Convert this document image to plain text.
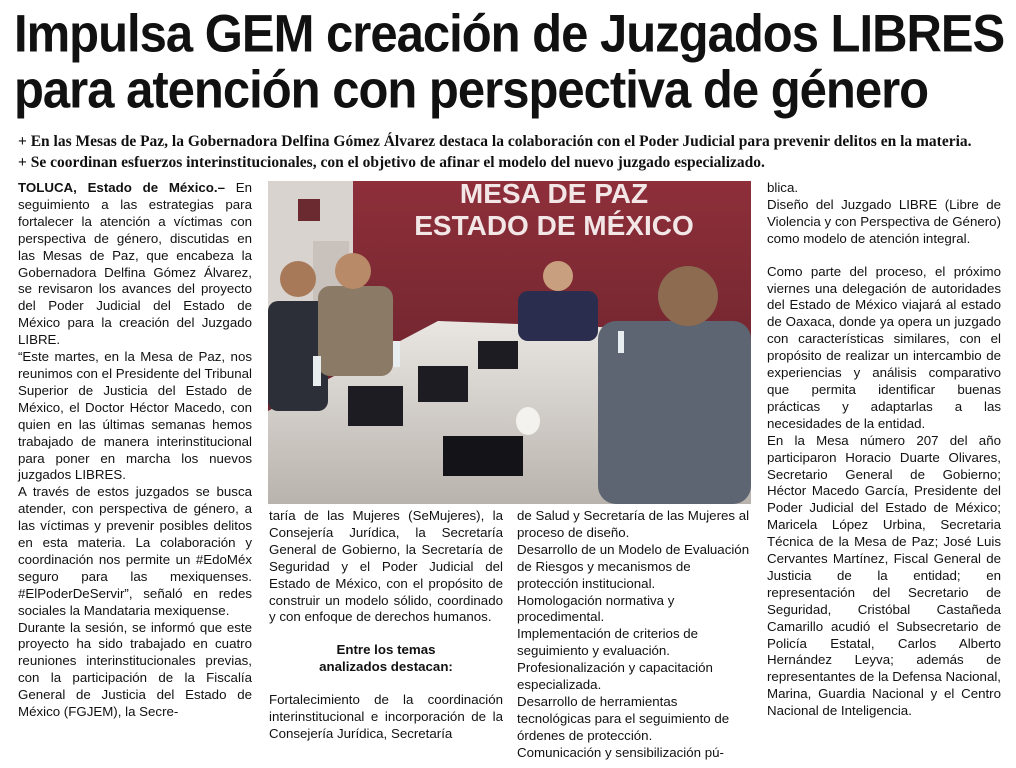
Impulsa GEM creación de Juzgados LIBRES
para atención con perspectiva de género
+ En las Mesas de Paz, la Gobernadora Delfina Gómez Álvarez destaca la colaboración con el Poder Judicial para prevenir delitos en la materia.
+ Se coordinan esfuerzos interinstitucionales, con el objetivo de afinar el modelo del nuevo juzgado especializado.

TOLUCA, Estado de México.– En seguimiento a las estrategias para fortalecer la atención a víctimas con perspectiva de género, discutidas en las Mesas de Paz, que encabeza la Gobernadora Delfina Gómez Álvarez, se revisaron los avances del proyecto del Poder Judicial del Estado de México para la creación del Juzgado LIBRE.

“Este martes, en la Mesa de Paz, nos reunimos con el Presidente del Tribunal Superior de Justicia del Estado de México, el Doctor Héctor Macedo, con quien en las últimas semanas hemos trabajado de manera interinstitucional para poner en marcha los nuevos juzgados LIBRES.

A través de estos juzgados se busca atender, con perspectiva de género, a las víctimas y prevenir posibles delitos en esta materia. La colaboración y coordinación nos permite un #EdoMéx seguro para las mexiquenses. #ElPoderDeServir”, señaló en redes sociales la Mandataria mexiquense.

Durante la sesión, se informó que este proyecto ha sido trabajado en cuatro reuniones interinstitucionales previas, con la participación de la Fiscalía General de Justicia del Estado de México (FGJEM), la Secre-

MESA DE PAZ
ESTADO DE MÉXICO

taría de las Mujeres (SeMujeres), la Consejería Jurídica, la Secretaría General de Gobierno, la Secretaría de Seguridad y el Poder Judicial del Estado de México, con el propósito de construir un modelo sólido, coordinado y con enfoque de derechos humanos.

Entre los temas

analizados destacan:

Fortalecimiento de la coordinación interinstitucional e incorporación de la Consejería Jurídica, Secretaría

de Salud y Secretaría de las Mujeres al proceso de diseño.

Desarrollo de un Modelo de Evaluación de Riesgos y mecanismos de protección institucional.

Homologación normativa y procedimental.

Implementación de criterios de seguimiento y evaluación.

Profesionalización y capacitación especializada.

Desarrollo de herramientas tecnológicas para el seguimiento de órdenes de protección.

Comunicación y sensibilización pú-

blica.

Diseño del Juzgado LIBRE (Libre de Violencia y con Perspectiva de Género) como modelo de atención integral.

Como parte del proceso, el próximo viernes una delegación de autoridades del Estado de México viajará al estado de Oaxaca, donde ya opera un juzgado con características similares, con el propósito de realizar un intercambio de experiencias y análisis comparativo que permita identificar buenas prácticas y adaptarlas a las necesidades de la entidad.

En la Mesa número 207 del año participaron Horacio Duarte Olivares, Secretario General de Gobierno; Héctor Macedo García, Presidente del Poder Judicial del Estado de México; Maricela López Urbina, Secretaria Técnica de la Mesa de Paz; José Luis Cervantes Martínez, Fiscal General de Justicia de la entidad; en representación del Secretario de Seguridad, Cristóbal Castañeda Camarillo acudió el Subsecretario de Policía Estatal, Carlos Alberto Hernández Leyva; además de representantes de la Defensa Nacional, Marina, Guardia Nacional y el Centro Nacional de Inteligencia.
